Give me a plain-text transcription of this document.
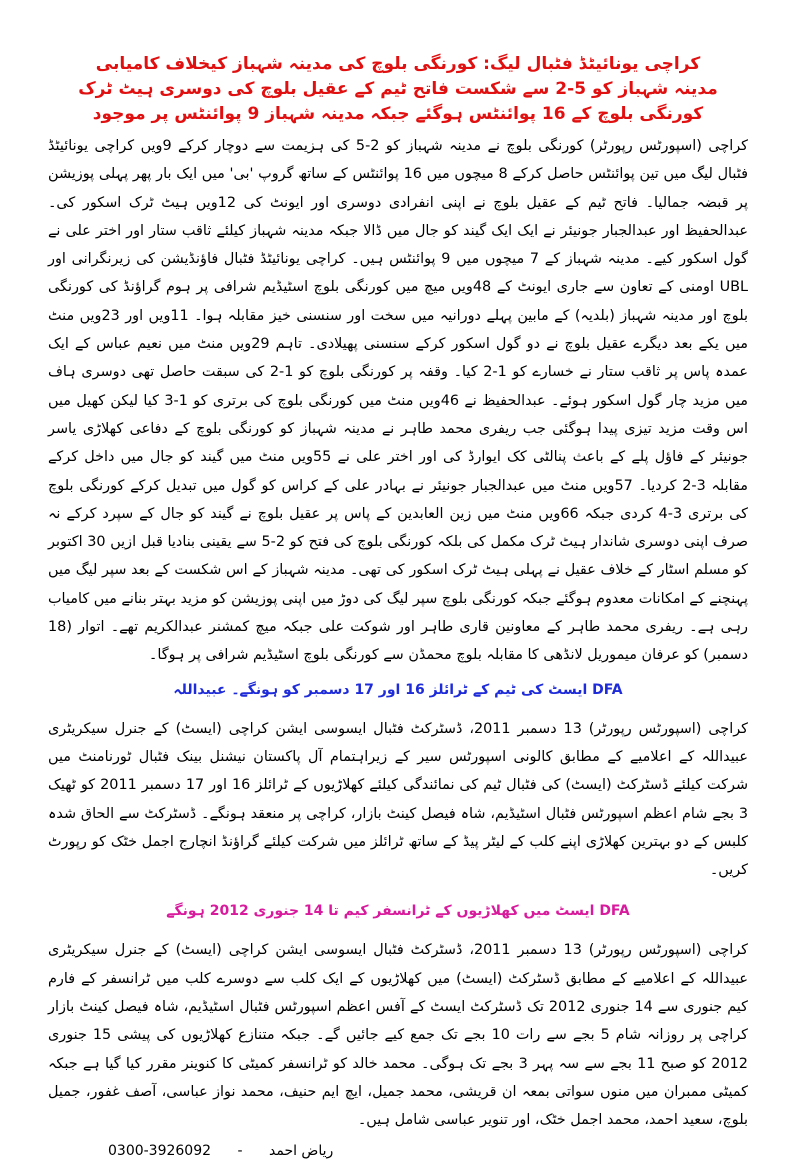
کراچی یونائیٹڈ فٹبال لیگ: کورنگی بلوچ کی مدینہ شہباز کیخلاف کامیابی
مدینہ شہباز کو 5-2 سے شکست فاتح ٹیم کے عقیل بلوچ کی دوسری ہیٹ ٹرک
کورنگی بلوچ کے 16 پوائنٹس ہوگئے جبکہ مدینہ شہباز 9 پوائنٹس پر موجود

کراچی (اسپورٹس رپورٹر) کورنگی بلوچ نے مدینہ شہباز کو 2-5 کی ہزیمت سے دوچار کرکے 9ویں کراچی یونائیٹڈ فٹبال لیگ میں تین پوائنٹس حاصل کرکے 8 میچوں میں 16 پوائنٹس کے ساتھ گروپ 'بی' میں ایک بار پھر پہلی پوزیشن پر قبضہ جمالیا۔ فاتح ٹیم کے عقیل بلوچ نے اپنی انفرادی دوسری اور ایونٹ کی 12ویں ہیٹ ٹرک اسکور کی۔ عبدالحفیظ اور عبدالجبار جونیئر نے ایک ایک گیند کو جال میں ڈالا جبکہ مدینہ شہباز کیلئے ثاقب ستار اور اختر علی نے گول اسکور کیے۔ مدینہ شہباز کے 7 میچوں میں 9 پوائنٹس ہیں۔ کراچی یونائیٹڈ فٹبال فاؤنڈیشن کی زیرنگرانی اور UBL اومنی کے تعاون سے جاری ایونٹ کے 48ویں میچ میں کورنگی بلوچ اسٹیڈیم شرافی پر ہوم گراؤنڈ کی کورنگی بلوچ اور مدینہ شہباز (بلدیہ) کے مابین پہلے دورانیہ میں سخت اور سنسنی خیز مقابلہ ہوا۔ 11ویں اور 23ویں منٹ میں یکے بعد دیگرے عقیل بلوچ نے دو گول اسکور کرکے سنسنی پھیلادی۔ تاہم 29ویں منٹ میں نعیم عباس کے ایک عمدہ پاس پر ثاقب ستار نے خسارے کو 1-2 کیا۔ وقفہ پر کورنگی بلوچ کو 1-2 کی سبقت حاصل تھی دوسری ہاف میں مزید چار گول اسکور ہوئے۔ عبدالحفیظ نے 46ویں منٹ میں کورنگی بلوچ کی برتری کو 1-3 کیا لیکن کھیل میں اس وقت مزید تیزی پیدا ہوگئی جب ریفری محمد طاہر نے مدینہ شہباز کو کورنگی بلوچ کے دفاعی کھلاڑی یاسر جونیئر کے فاؤل پلے کے باعث پنالٹی کک ایوارڈ کی اور اختر علی نے 55ویں منٹ میں گیند کو جال میں داخل کرکے مقابلہ 3-2 کردیا۔ 57ویں منٹ میں عبدالجبار جونیئر نے بہادر علی کے کراس کو گول میں تبدیل کرکے کورنگی بلوچ کی برتری 3-4 کردی جبکہ 66ویں منٹ میں زین العابدین کے پاس پر عقیل بلوچ نے گیند کو جال کے سپرد کرکے نہ صرف اپنی دوسری شاندار ہیٹ ٹرک مکمل کی بلکہ کورنگی بلوچ کی فتح کو 2-5 سے یقینی بنادیا قبل ازیں 30 اکتوبر کو مسلم اسٹار کے خلاف عقیل نے پہلی ہیٹ ٹرک اسکور کی تھی۔ مدینہ شہباز کے اس شکست کے بعد سپر لیگ میں پہنچنے کے امکانات معدوم ہوگئے جبکہ کورنگی بلوچ سپر لیگ کی دوڑ میں اپنی پوزیشن کو مزید بہتر بنانے میں کامیاب رہی ہے۔ ریفری محمد طاہر کے معاونین قاری طاہر اور شوکت علی جبکہ میچ کمشنر عبدالکریم تھے۔ اتوار (18 دسمبر) کو عرفان میموریل لانڈھی کا مقابلہ بلوچ محمڈن سے کورنگی بلوچ اسٹیڈیم شرافی پر ہوگا۔

DFA ایسٹ کی ٹیم کے ٹرائلز 16 اور 17 دسمبر کو ہونگے۔ عبیداللہ

کراچی (اسپورٹس رپورٹر) 13 دسمبر 2011، ڈسٹرکٹ فٹبال ایسوسی ایشن کراچی (ایسٹ) کے جنرل سیکریٹری عبیداللہ کے اعلامیے کے مطابق کالونی اسپورٹس سیر کے زیراہتمام آل پاکستان نیشنل بینک فٹبال ٹورنامنٹ میں شرکت کیلئے ڈسٹرکٹ (ایسٹ) کی فٹبال ٹیم کی نمائندگی کیلئے کھلاڑیوں کے ٹرائلز 16 اور 17 دسمبر 2011 کو ٹھیک 3 بجے شام اعظم اسپورٹس فٹبال اسٹیڈیم، شاہ فیصل کینٹ بازار، کراچی پر منعقد ہونگے۔ ڈسٹرکٹ سے الحاق شدہ کلبس کے دو بہترین کھلاڑی اپنے کلب کے لیٹر پیڈ کے ساتھ ٹرائلز میں شرکت کیلئے گراؤنڈ انچارج اجمل خٹک کو رپورٹ کریں۔

DFA ایسٹ میں کھلاڑیوں کے ٹرانسفر کیم تا 14 جنوری 2012 ہونگے

کراچی (اسپورٹس رپورٹر) 13 دسمبر 2011، ڈسٹرکٹ فٹبال ایسوسی ایشن کراچی (ایسٹ) کے جنرل سیکریٹری عبیداللہ کے اعلامیے کے مطابق ڈسٹرکٹ (ایسٹ) میں کھلاڑیوں کے ایک کلب سے دوسرے کلب میں ٹرانسفر کے فارم کیم جنوری سے 14 جنوری 2012 تک ڈسٹرکٹ ایسٹ کے آفس اعظم اسپورٹس فٹبال اسٹیڈیم، شاہ فیصل کینٹ بازار کراچی پر روزانہ شام 5 بجے سے رات 10 بجے تک جمع کیے جائیں گے۔ جبکہ متنازع کھلاڑیوں کی پیشی 15 جنوری 2012 کو صبح 11 بجے سے سہ پہر 3 بجے تک ہوگی۔ محمد خالد کو ٹرانسفر کمیٹی کا کنوینر مقرر کیا گیا ہے جبکہ کمیٹی ممبران میں منوں سواتی بمعہ ان قریشی، محمد جمیل، ایچ ایم حنیف، محمد نواز عباسی، آصف غفور، جمیل بلوچ، سعید احمد، محمد اجمل خٹک، اور تنویر عباسی شامل ہیں۔

0300-3926092 - ریاض احمد
